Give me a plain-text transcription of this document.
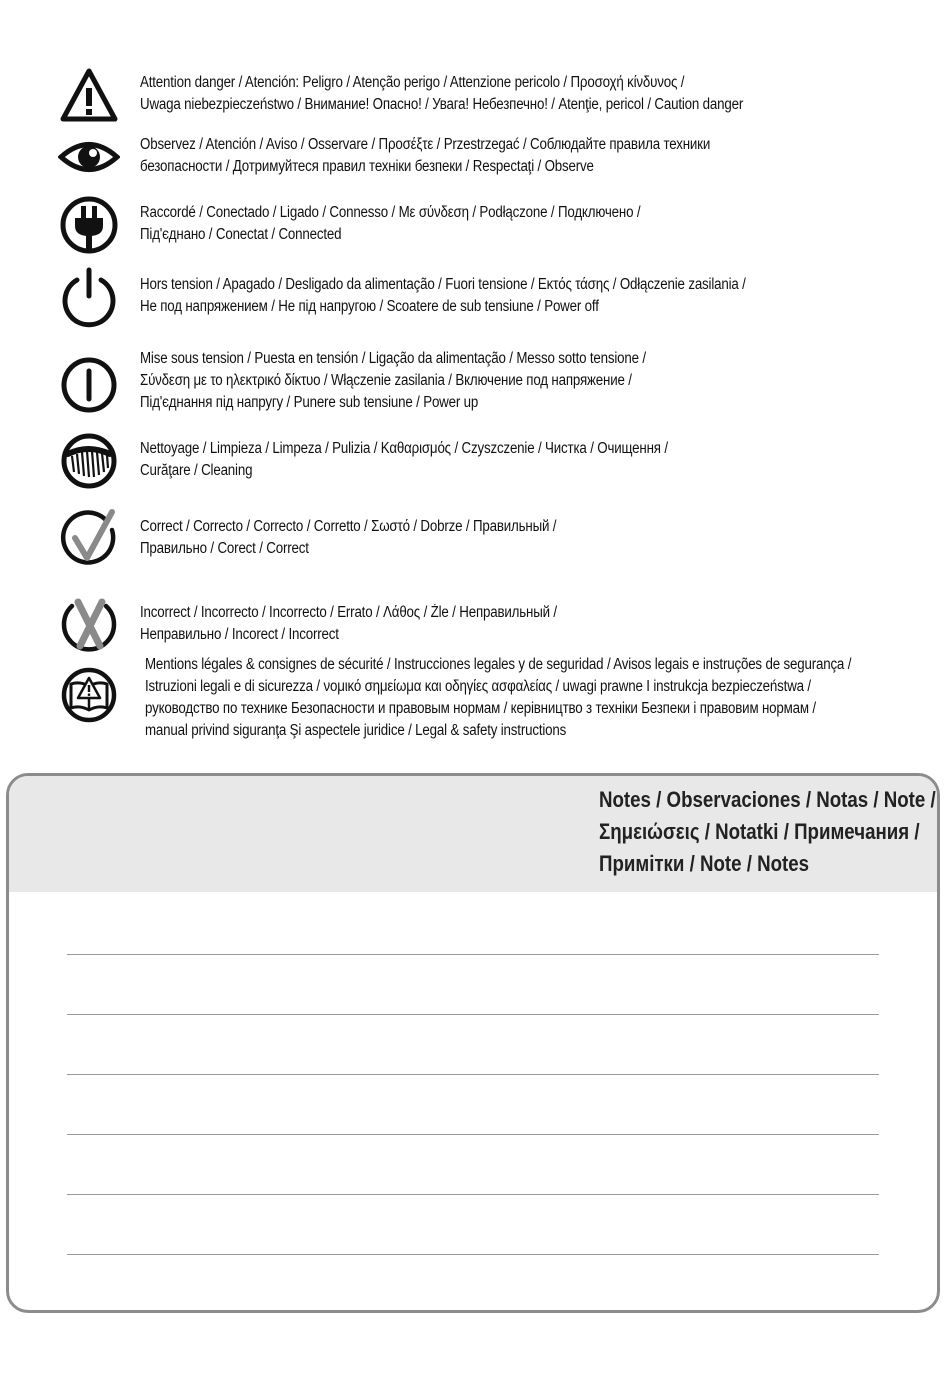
Attention danger / Atención: Peligro / Atenção perigo / Attenzione pericolo / Προσοχή κίνδυνος /
Uwaga niebezpieczeństwo / Внимание! Опасно! / Увага! Небезпечно! / Atenţie, pericol / Caution danger
Observez / Atención / Aviso / Osservare / Προσέξτε / Przestrzegać / Соблюдайте правила техники
безопасности / Дотримуйтеся правил техніки безпеки / Respectaţi / Observe
Raccordé / Conectado / Ligado / Connesso / Με σύνδεση / Podłączone / Подключено /
Під'єднано / Conectat / Connected
Hors tension / Apagado / Desligado da alimentação / Fuori tensione / Εκτός τάσης / Odłączenie zasilania /
Не под напряжением / Не під напругою / Scoatere de sub tensiune / Power off
Mise sous tension / Puesta en tensión / Ligação da alimentação / Messo sotto tensione /
Σύνδεση με το ηλεκτρικό δίκτυο / Włączenie zasilania / Включение под напряжение /
Під'єднання під напругу / Punere sub tensiune / Power up
Nettoyage / Limpieza / Limpeza / Pulizia / Καθαρισμός / Czyszczenie / Чистка / Очищення /
Curăţare / Cleaning
Correct / Correcto / Correcto / Corretto / Σωστό / Dobrze / Правильный /
Правильно / Corect / Correct
Incorrect / Incorrecto / Incorrecto / Errato / Λάθος / Źle / Неправильный /
Неправильно / Incorect / Incorrect
Mentions légales & consignes de sécurité / Instrucciones legales y de seguridad / Avisos legais e instruções de segurança /
Istruzioni legali e di sicurezza / νομικό σημείωμα και οδηγίες ασφαλείας / uwagi prawne I instrukcja bezpieczeństwa /
руководство по технике Безопасности и правовым нормам / керівництво з техніки Безпеки і правовим нормам /
manual privind siguranţa Şi aspectele juridice / Legal & safety instructions
Notes / Observaciones / Notas / Note /
Σημειώσεις / Notatki / Примечания /
Примітки / Note / Notes
